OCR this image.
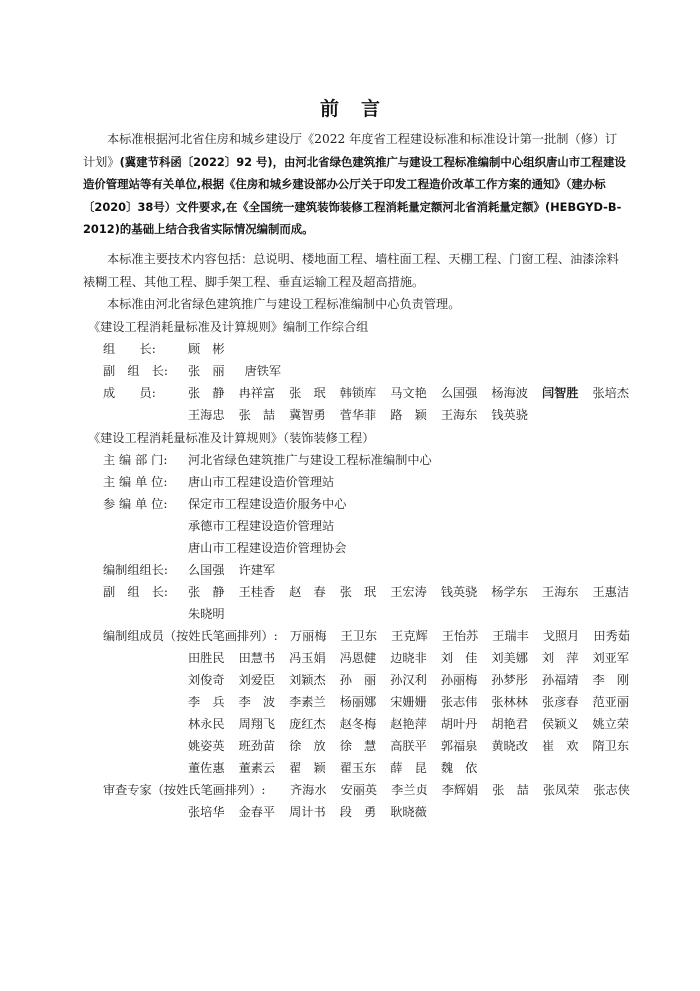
前言

本标准根据河北省住房和城乡建设厅《2022 年度省工程建设标准和标准设计第一批制（修）订计划》(冀建节科函〔2022〕92 号)，由河北省绿色建筑推广与建设工程标准编制中心组织唐山市工程建设造价管理站等有关单位,根据《住房和城乡建设部办公厅关于印发工程造价改革工作方案的通知》（建办标〔2020〕38号）文件要求,在《全国统一建筑装饰装修工程消耗量定额河北省消耗量定额》(HEBGYD-B-2012)的基础上结合我省实际情况编制而成。

本标准主要技术内容包括：总说明、楼地面工程、墙柱面工程、天棚工程、门窗工程、油漆涂料裱糊工程、其他工程、脚手架工程、垂直运输工程及超高措施。

本标准由河北省绿色建筑推广与建设工程标准编制中心负责管理。

《建设工程消耗量标准及计算规则》编制工作综合组
组　　长:	顾　彬
副　组　长: 张　丽 唐铁军
成　　员:	张　静 冉祥富 张　珉 韩锁库 马文艳 么国强 杨海波 闫智胜 张培杰
王海忠 张　喆 冀智勇 菅华菲 路　颖 王海东 钱英骁
《建设工程消耗量标准及计算规则》（装饰装修工程）
主 编 部 门: 河北省绿色建筑推广与建设工程标准编制中心
主 编 单 位: 唐山市工程建设造价管理站
参 编 单 位: 保定市工程建设造价服务中心
承德市工程建设造价管理站
唐山市工程建设造价管理协会
编制组组长: 么国强 许建军
副　组　长: 张　静 王桂香 赵　春 张　珉 王宏涛 钱英骁 杨学东 王海东 王惠洁
朱晓明
编制组成员（按姓氏笔画排列）: 万丽梅 王卫东 王克辉 王怡苏 王瑞丰 戈照月 田秀茹
田胜民 田慧书 冯玉娟 冯恩健 边晓非 刘　佳 刘美娜 刘　萍 刘亚军
刘俊奇 刘爱臣 刘颖杰 孙　丽 孙汉利 孙丽梅 孙梦彤 孙福靖 李　刚
李　兵 李　波 李素兰 杨丽娜 宋姗姗 张志伟 张林林 张彦春 范亚丽
林永民 周翔飞 庞红杰 赵冬梅 赵艳萍 胡叶丹 胡艳君 侯颖义 姚立荣
姚姿英 班劲苗 徐　放 徐　慧 高朕平 郭福泉 黄晓改 崔　欢 隋卫东
董佐惠 董素云 翟　颖 翟玉东 薛　昆 魏　依
审查专家（按姓氏笔画排列）: 齐海水 安丽英 李兰贞 李辉娟 张　喆 张凤荣 张志侠
张培华 金春平 周计书 段　勇 耿晓薇
